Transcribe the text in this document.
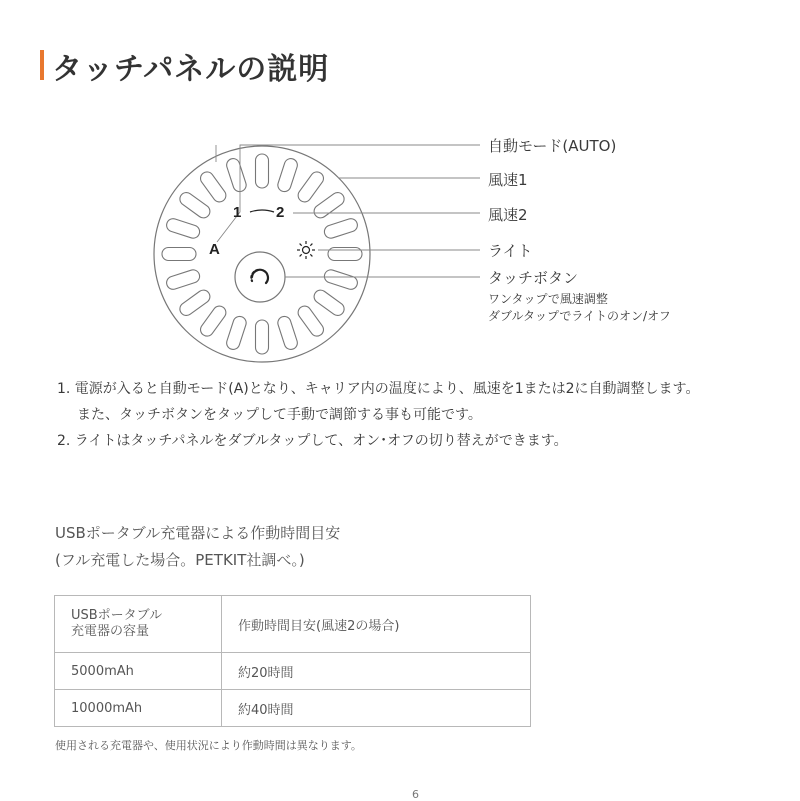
タッチパネルの説明
A
1 2
自動モード(AUTO)
風速1
風速2
ライト
タッチボタン
ワンタップで風速調整
ダブルタップでライトのオン/オフ
1. 電源が入ると自動モード(A)となり、キャリア内の温度により、風速を1または2に自動調整します。
また、タッチボタンをタップして手動で調節する事も可能です。
2. ライトはタッチパネルをダブルタップして、オン･オフの切り替えができます。
USBポータブル充電器による作動時間目安
(フル充電した場合。PETKIT社調べ。)
USBポータブル
充電器の容量	作動時間目安(風速2の場合)
5000mAh	約20時間
10000mAh	約40時間
使用される充電器や、使用状況により作動時間は異なります。
6
